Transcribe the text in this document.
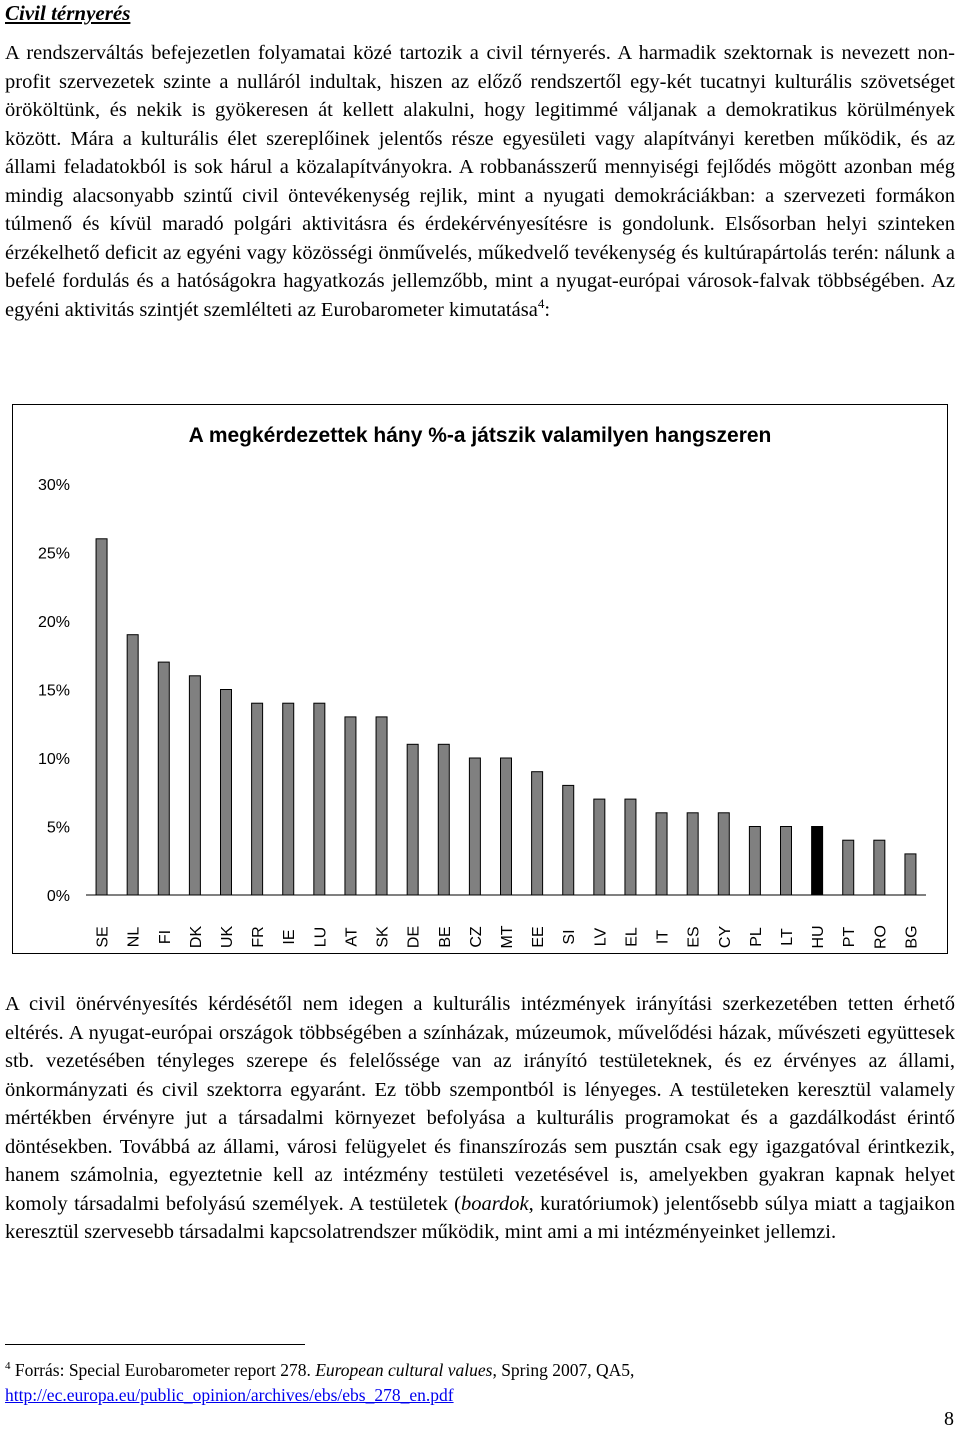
Civil térnyerés

A rendszerváltás befejezetlen folyamatai közé tartozik a civil térnyerés. A harmadik szektornak is nevezett non-profit szervezetek szinte a nulláról indultak, hiszen az előző rendszertől egy-két tucatnyi kulturális szövetséget örököltünk, és nekik is gyökeresen át kellett alakulni, hogy legitimmé váljanak a demokratikus körülmények között. Mára a kulturális élet szereplőinek jelentős része egyesületi vagy alapítványi keretben működik, és az állami feladatokból is sok hárul a közalapítványokra. A robbanásszerű mennyiségi fejlődés mögött azonban még mindig alacsonyabb szintű civil öntevékenység rejlik, mint a nyugati demokráciákban: a szervezeti formákon túlmenő és kívül maradó polgári aktivitásra és érdekérvényesítésre is gondolunk. Elsősorban helyi szinteken érzékelhető deficit az egyéni vagy közösségi önművelés, műkedvelő tevékenység és kultúrapártolás terén: nálunk a befelé fordulás és a hatóságokra hagyatkozás jellemzőbb, mint a nyugat-európai városok-falvak többségében. Az egyéni aktivitás szintjét szemlélteti az Eurobarometer kimutatása$^4$:

A megkérdezettek hány %-a játszik valamilyen hangszeren
0%
5%
10%
15%
20%
25%
30%
SE NL FI DK UK FR IE LU AT SK DE BE CZ MT EE SI LV EL IT ES CY PL LT HU PT RO BG

A civil önérvényesítés kérdésétől nem idegen a kulturális intézmények irányítási szerkezetében tetten érhető eltérés. A nyugat-európai országok többségében a színházak, múzeumok, művelődési házak, művészeti együttesek stb. vezetésében tényleges szerepe és felelőssége van az irányító testületeknek, és ez érvényes az állami, önkormányzati és civil szektorra egyaránt. Ez több szempontból is lényeges. A testületeken keresztül valamely mértékben érvényre jut a társadalmi környezet befolyása a kulturális programokat és a gazdálkodást érintő döntésekben. Továbbá az állami, városi felügyelet és finanszírozás sem pusztán csak egy igazgatóval érintkezik, hanem számolnia, egyeztetnie kell az intézmény testületi vezetésével is, amelyekben gyakran kapnak helyet komoly társadalmi befolyású személyek. A testületek (boardok, kuratóriumok) jelentősebb súlya miatt a tagjaikon keresztül szervesebb társadalmi kapcsolatrendszer működik, mint ami a mi intézményeinket jellemzi.

$^4$ Forrás: Special Eurobarometer report 278. European cultural values, Spring 2007, QA5,
http://ec.europa.eu/public_opinion/archives/ebs/ebs_278_en.pdf
8
